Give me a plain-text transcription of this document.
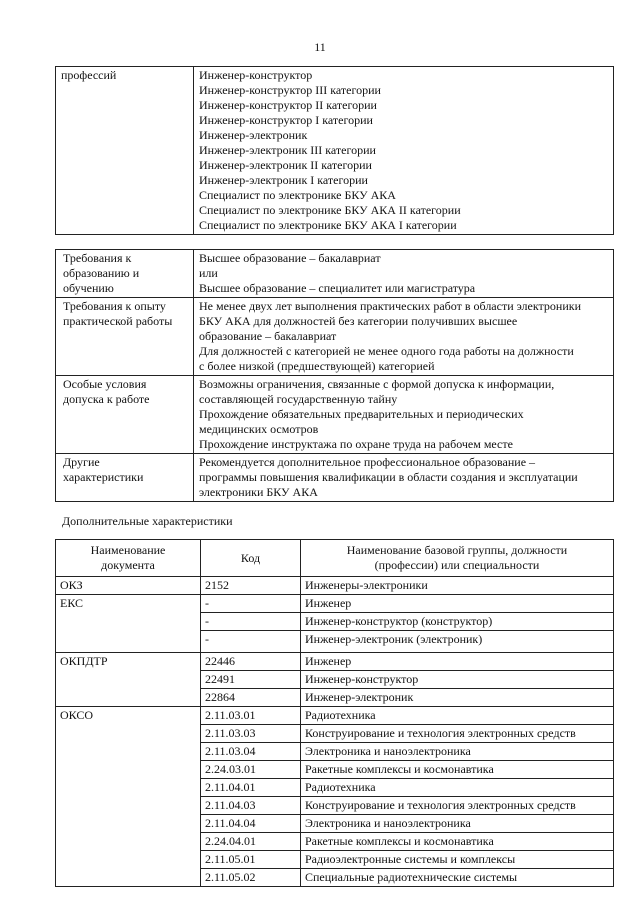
11
профессий	Инженер-конструктор
Инженер-конструктор III категории
Инженер-конструктор II категории
Инженер-конструктор I категории
Инженер-электроник
Инженер-электроник III категории
Инженер-электроник II категории
Инженер-электроник I категории
Специалист по электронике БКУ АКА
Специалист по электронике БКУ АКА II категории
Специалист по электронике БКУ АКА I категории
Требования к
образованию и
обучению	Высшее образование – бакалавриат
или
Высшее образование – специалитет или магистратура

Требования к опыту
практической работы	Не менее двух лет выполнения практических работ в области электроники
БКУ АКА для должностей без категории получивших высшее
образование – бакалавриат
Для должностей с категорией не менее одного года работы на должности
с более низкой (предшествующей) категорией

Особые условия
допуска к работе	Возможны ограничения, связанные с формой допуска к информации,
составляющей государственную тайну
Прохождение обязательных предварительных и периодических
медицинских осмотров
Прохождение инструктажа по охране труда на рабочем месте

Другие
характеристики	Рекомендуется дополнительное профессиональное образование –
программы повышения квалификации в области создания и эксплуатации
электроники БКУ АКА
Дополнительные характеристики
Наименование
документа	Код	Наименование базовой группы, должности
(профессии) или специальности

ОКЗ	2152	Инженеры-электроники
ЕКС	-	Инженер
	-	Инженер-конструктор (конструктор)
	-	Инженер-электроник (электроник)
ОКПДТР	22446	Инженер
	22491	Инженер-конструктор
	22864	Инженер-электроник
ОКСО	2.11.03.01	Радиотехника
	2.11.03.03	Конструирование и технология электронных средств
	2.11.03.04	Электроника и наноэлектроника
	2.24.03.01	Ракетные комплексы и космонавтика
	2.11.04.01	Радиотехника
	2.11.04.03	Конструирование и технология электронных средств
	2.11.04.04	Электроника и наноэлектроника
	2.24.04.01	Ракетные комплексы и космонавтика
	2.11.05.01	Радиоэлектронные системы и комплексы
	2.11.05.02	Специальные радиотехнические системы
